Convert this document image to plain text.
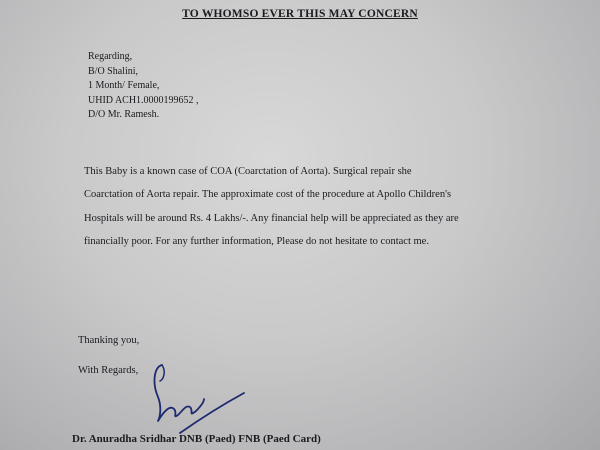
TO WHOMSO EVER THIS MAY CONCERN
Regarding,
B/O Shalini,
1 Month/ Female,
UHID ACH1.0000199652 ,
D/O Mr. Ramesh.
This Baby is a known case of COA (Coarctation of Aorta). Surgical repair she
Coarctation of Aorta repair. The approximate cost of the procedure at Apollo Children's
Hospitals will be around Rs. 4 Lakhs/-. Any financial help will be appreciated as they are
financially poor. For any further information, Please do not hesitate to contact me.
Thanking you,
With Regards,
Dr. Anuradha Sridhar DNB (Paed) FNB (Paed Card)
